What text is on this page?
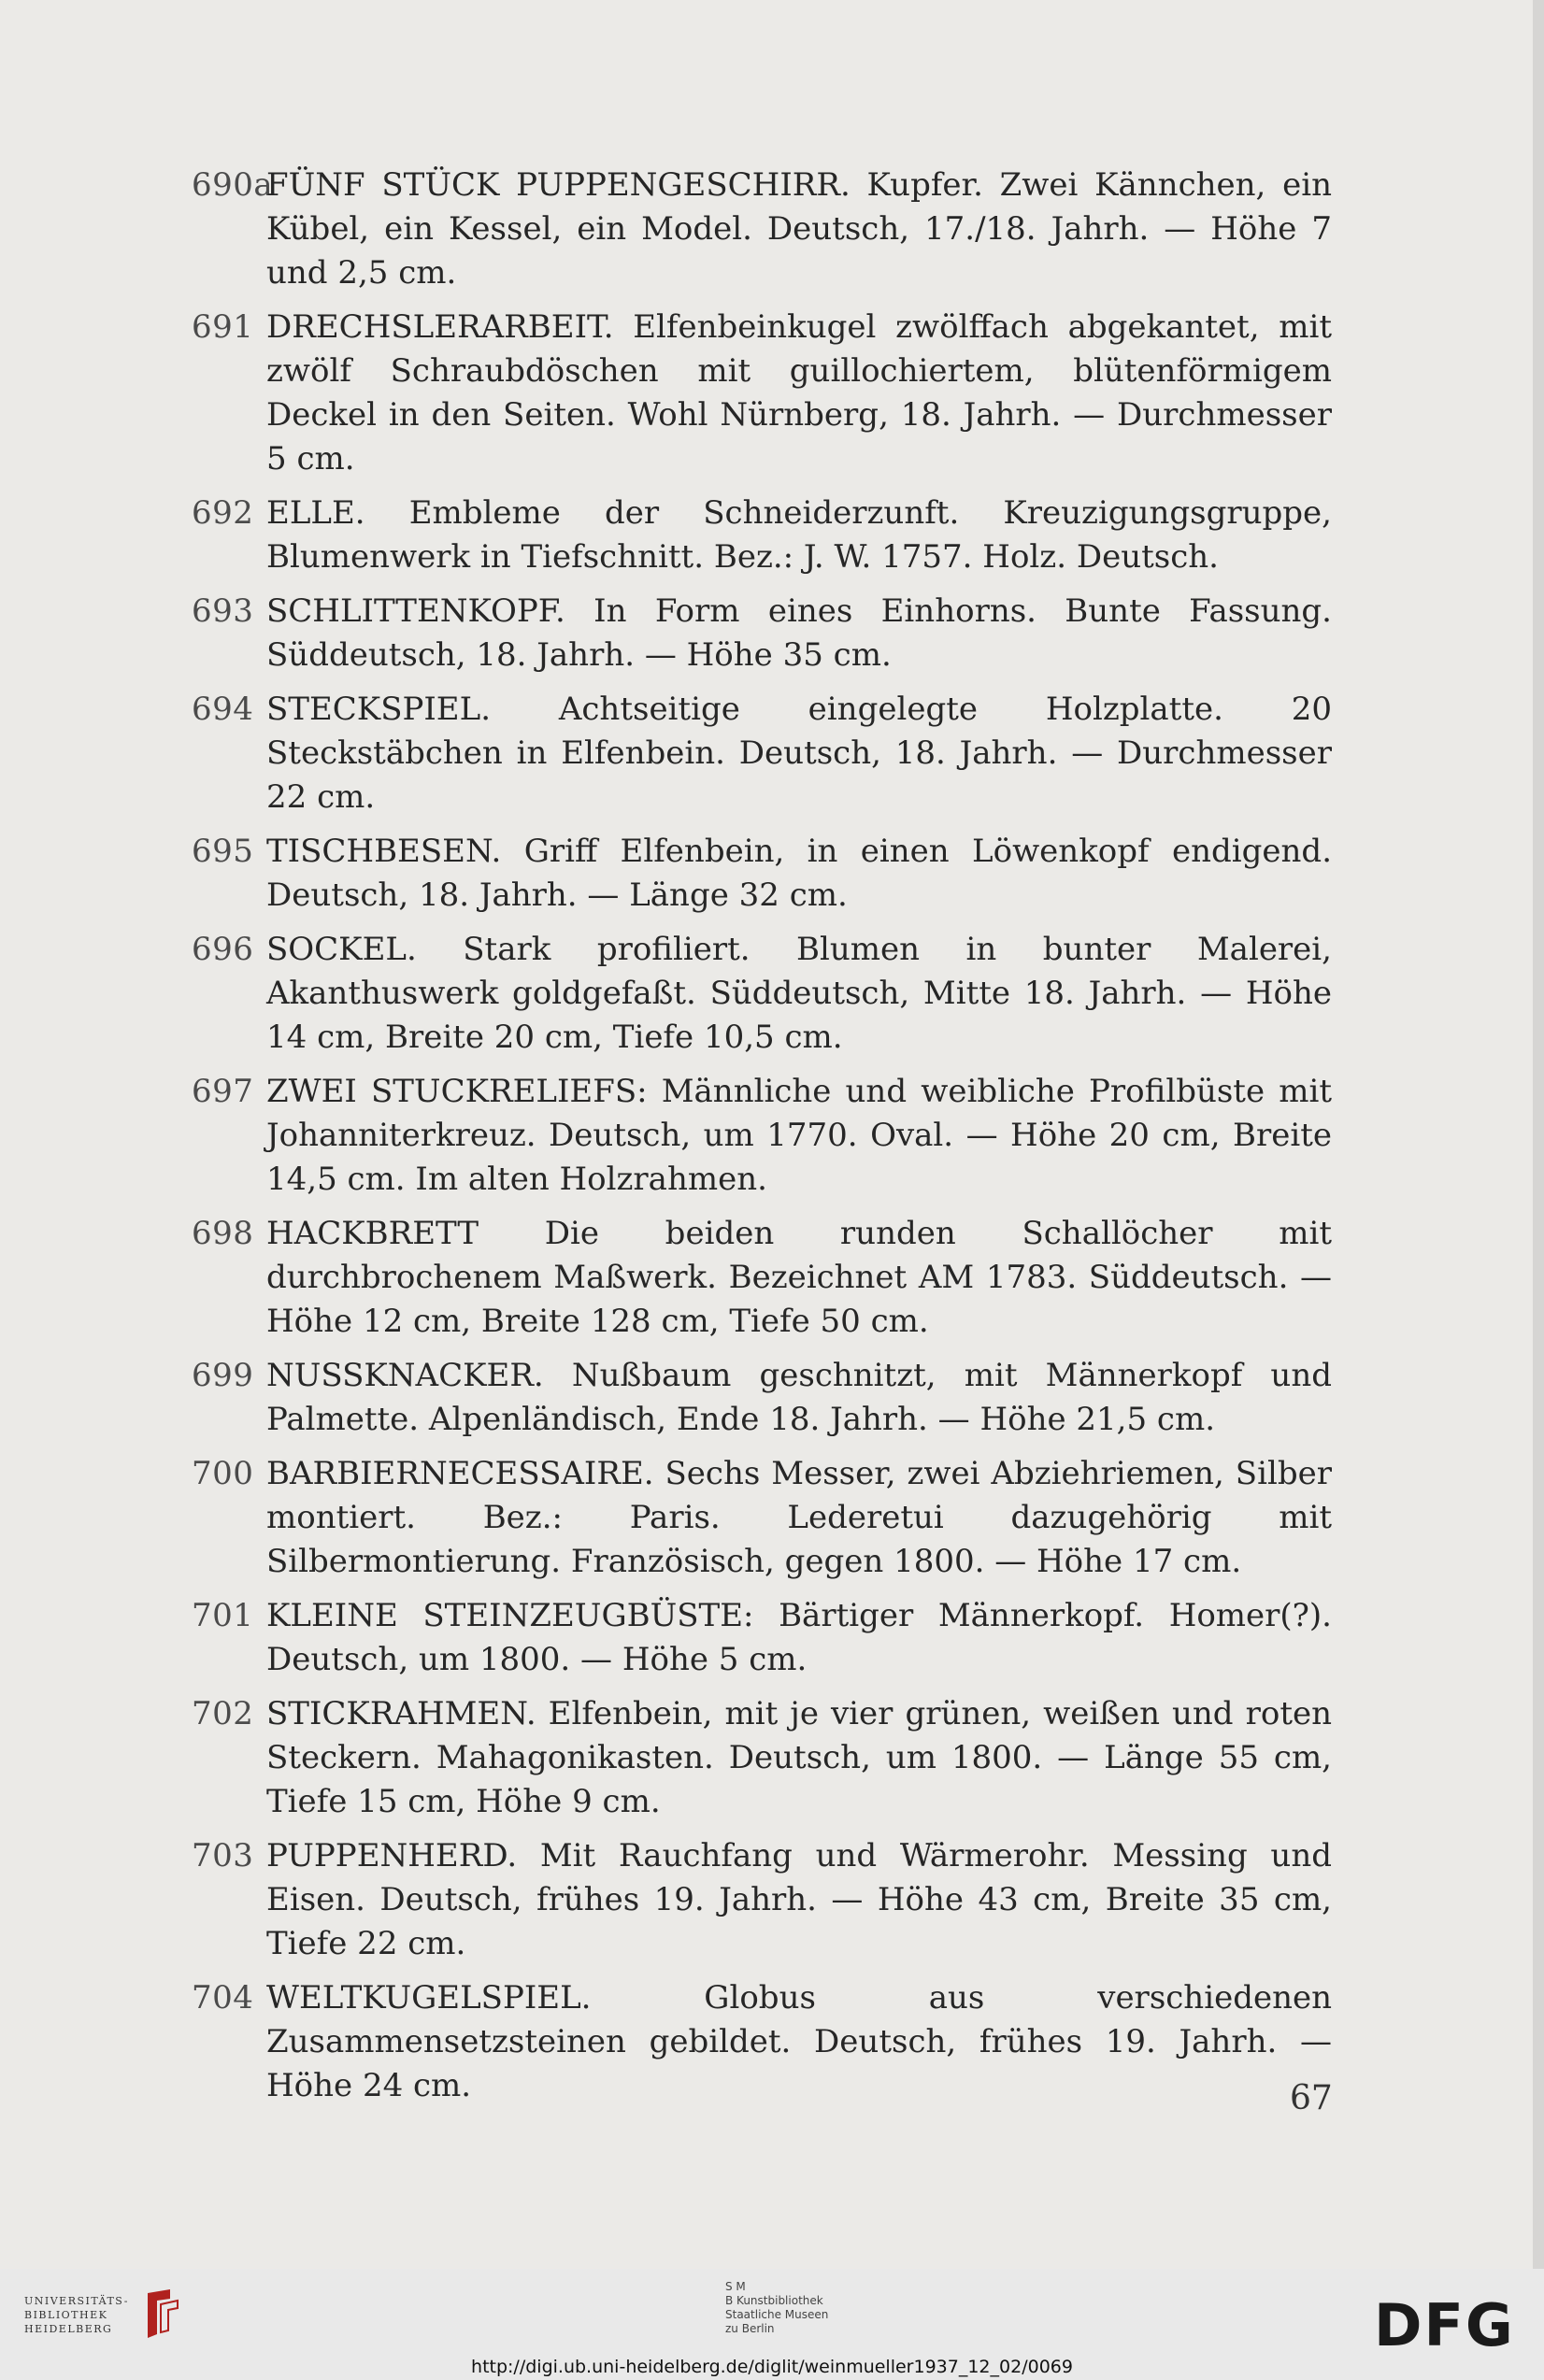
690a

FÜNF STÜCK PUPPENGESCHIRR. Kupfer. Zwei Kännchen, ein Kübel, ein Kessel, ein Model. Deutsch, 17./18. Jahrh. — Höhe 7 und 2,5 cm.

691 DRECHSLERARBEIT. Elfenbeinkugel zwölffach abgekantet, mit zwölf Schraubdöschen mit guillochiertem, blütenförmigem Deckel in den Seiten. Wohl Nürnberg, 18. Jahrh. — Durchmesser 5 cm.

692 ELLE. Embleme der Schneiderzunft. Kreuzigungsgruppe, Blumenwerk in Tiefschnitt. Bez.: J. W. 1757. Holz. Deutsch.

693 SCHLITTENKOPF. In Form eines Einhorns. Bunte Fassung. Süddeutsch, 18. Jahrh. — Höhe 35 cm.

694 STECKSPIEL. Achtseitige eingelegte Holzplatte. 20 Steckstäbchen in Elfenbein. Deutsch, 18. Jahrh. — Durchmesser 22 cm.

695 TISCHBESEN. Griff Elfenbein, in einen Löwenkopf endigend. Deutsch, 18. Jahrh. — Länge 32 cm.

696 SOCKEL. Stark profiliert. Blumen in bunter Malerei, Akanthuswerk goldgefaßt. Süddeutsch, Mitte 18. Jahrh. — Höhe 14 cm, Breite 20 cm, Tiefe 10,5 cm.

697 ZWEI STUCKRELIEFS: Männliche und weibliche Profilbüste mit Johanniterkreuz. Deutsch, um 1770. Oval. — Höhe 20 cm, Breite 14,5 cm. Im alten Holzrahmen.

698 HACKBRETT Die beiden runden Schallöcher mit durchbrochenem Maßwerk. Bezeichnet AM 1783. Süddeutsch. — Höhe 12 cm, Breite 128 cm, Tiefe 50 cm.

699 NUSSKNACKER. Nußbaum geschnitzt, mit Männerkopf und Palmette. Alpenländisch, Ende 18. Jahrh. — Höhe 21,5 cm.

700 BARBIERNECESSAIRE. Sechs Messer, zwei Abziehriemen, Silber montiert. Bez.: Paris. Lederetui dazugehörig mit Silbermontierung. Französisch, gegen 1800. — Höhe 17 cm.

701 KLEINE STEINZEUGBÜSTE: Bärtiger Männerkopf. Homer(?). Deutsch, um 1800. — Höhe 5 cm.

702 STICKRAHMEN. Elfenbein, mit je vier grünen, weißen und roten Steckern. Mahagonikasten. Deutsch, um 1800. — Länge 55 cm, Tiefe 15 cm, Höhe 9 cm.

703 PUPPENHERD. Mit Rauchfang und Wärmerohr. Messing und Eisen. Deutsch, frühes 19. Jahrh. — Höhe 43 cm, Breite 35 cm, Tiefe 22 cm.

704 WELTKUGELSPIEL. Globus aus verschiedenen Zusammensetzsteinen gebildet. Deutsch, frühes 19. Jahrh. — Höhe 24 cm.	67
UNIVERSITÄTS-
BIBLIOTHEK
HEIDELBERG
S M
B Kunstbibliothek
Staatliche Museen
zu Berlin	DFG
http://digi.ub.uni-heidelberg.de/diglit/weinmueller1937_12_02/0069
